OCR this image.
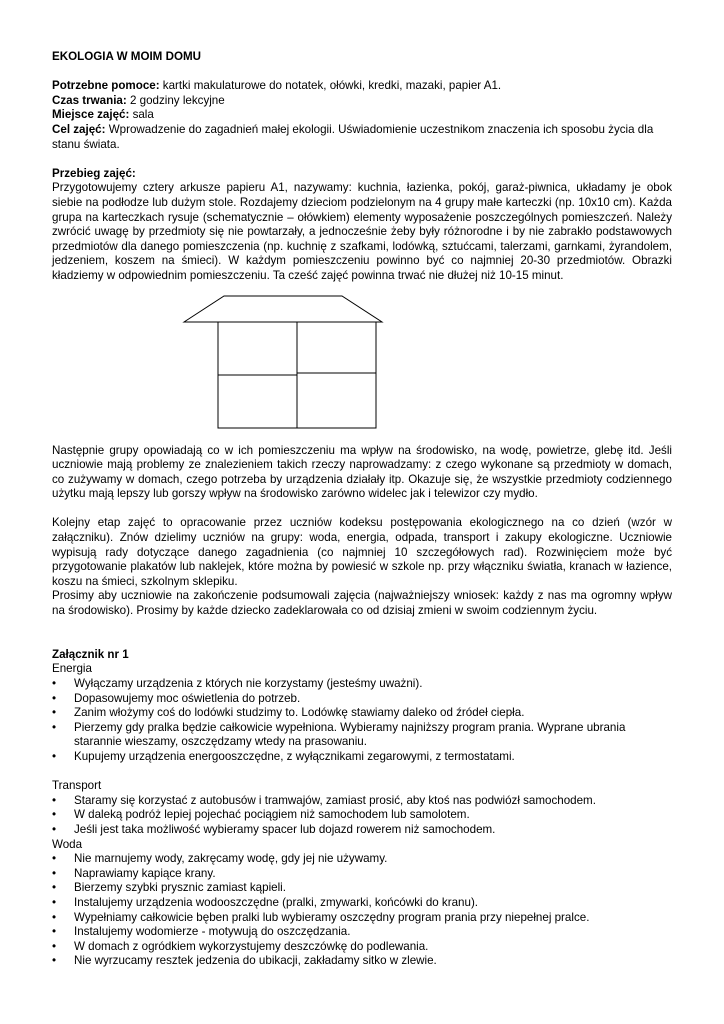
EKOLOGIA W MOIM DOMU

Potrzebne pomoce: kartki makulaturowe do notatek, ołówki, kredki, mazaki, papier A1.

Czas trwania: 2 godziny lekcyjne

Miejsce zajęć: sala

Cel zajęć: Wprowadzenie do zagadnień małej ekologii. Uświadomienie uczestnikom znaczenia ich sposobu życia dla stanu świata.

Przebieg zajęć:

Przygotowujemy cztery arkusze papieru A1, nazywamy: kuchnia, łazienka, pokój, garaż-piwnica, układamy je obok siebie na podłodze lub dużym stole. Rozdajemy dzieciom podzielonym na 4 grupy małe karteczki (np. 10x10 cm). Każda grupa na karteczkach rysuje (schematycznie – ołówkiem) elementy wyposażenie poszczególnych pomieszczeń. Należy zwrócić uwagę by przedmioty się nie powtarzały, a jednocześnie żeby były różnorodne i by nie zabrakło podstawowych przedmiotów dla danego pomieszczenia (np. kuchnię z szafkami, lodówką, sztućcami, talerzami, garnkami, żyrandolem, jedzeniem, koszem na śmieci). W każdym pomieszczeniu powinno być co najmniej 20-30 przedmiotów. Obrazki kładziemy w odpowiednim pomieszczeniu. Ta cześć zajęć powinna trwać nie dłużej niż 10-15 minut.

Następnie grupy opowiadają co w ich pomieszczeniu ma wpływ na środowisko, na wodę, powietrze, glebę itd. Jeśli uczniowie mają problemy ze znalezieniem takich rzeczy naprowadzamy: z czego wykonane są przedmioty w domach, co zużywamy w domach, czego potrzeba by urządzenia działały itp. Okazuje się, że wszystkie przedmioty codziennego użytku mają lepszy lub gorszy wpływ na środowisko zarówno widelec jak i telewizor czy mydło.

Kolejny etap zajęć to opracowanie przez uczniów kodeksu postępowania ekologicznego na co dzień (wzór w załączniku). Znów dzielimy uczniów na grupy: woda, energia, odpada, transport i zakupy ekologiczne. Uczniowie wypisują rady dotyczące danego zagadnienia (co najmniej 10 szczegółowych rad). Rozwinięciem może być przygotowanie plakatów lub naklejek, które można by powiesić w szkole np. przy włączniku światła, kranach w łazience, koszu na śmieci, szkolnym sklepiku.

Prosimy aby uczniowie na zakończenie podsumowali zajęcia (najważniejszy wniosek: każdy z nas ma ogromny wpływ na środowisko). Prosimy by każde dziecko zadeklarowała co od dzisiaj zmieni w swoim codziennym życiu.

Załącznik nr 1

Energia

•	Wyłączamy urządzenia z których nie korzystamy (jesteśmy uważni).
•	Dopasowujemy moc oświetlenia do potrzeb.
•	Zanim włożymy coś do lodówki studzimy to. Lodówkę stawiamy daleko od źródeł ciepła.
•	Pierzemy gdy pralka będzie całkowicie wypełniona. Wybieramy najniższy program prania. Wyprane ubrania starannie wieszamy, oszczędzamy wtedy na prasowaniu.
•	Kupujemy urządzenia energooszczędne, z wyłącznikami zegarowymi, z termostatami.

Transport

•	Staramy się korzystać z autobusów i tramwajów, zamiast prosić, aby ktoś nas podwiózł samochodem.
•	W daleką podróż lepiej pojechać pociągiem niż samochodem lub samolotem.
•	Jeśli jest taka możliwość wybieramy spacer lub dojazd rowerem niż samochodem.

Woda

•	Nie marnujemy wody, zakręcamy wodę, gdy jej nie używamy.
•	Naprawiamy kapiące krany.
•	Bierzemy szybki prysznic zamiast kąpieli.
•	Instalujemy urządzenia wodooszczędne (pralki, zmywarki, końcówki do kranu).
•	Wypełniamy całkowicie bęben pralki lub wybieramy oszczędny program prania przy niepełnej pralce.
•	Instalujemy wodomierze - motywują do oszczędzania.
•	W domach z ogródkiem wykorzystujemy deszczówkę do podlewania.
•	Nie wyrzucamy resztek jedzenia do ubikacji, zakładamy sitko w zlewie.
